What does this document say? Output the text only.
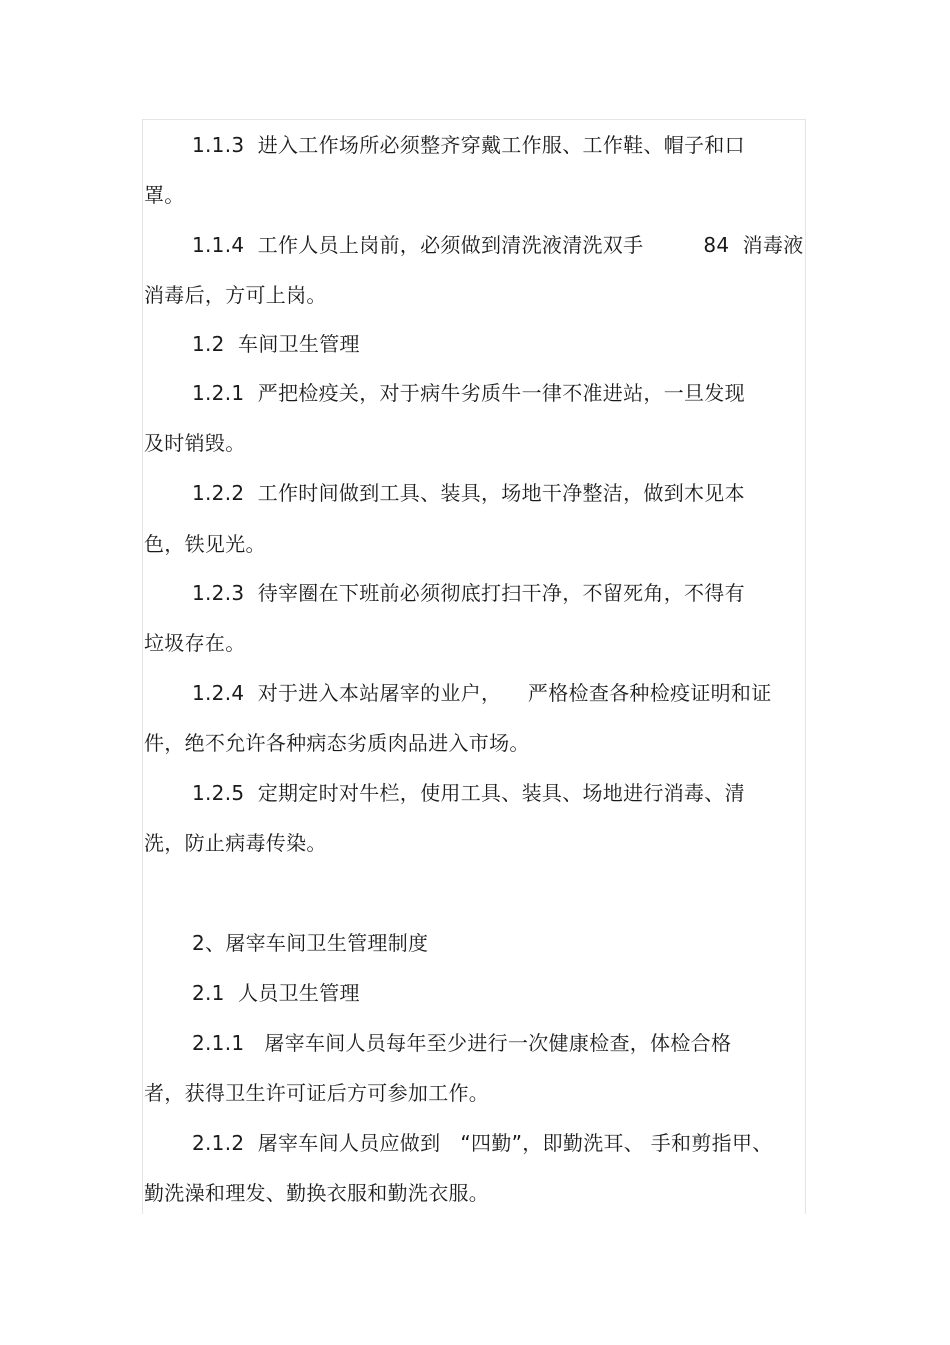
1.1.3  进入工作场所必须整齐穿戴工作服、工作鞋、帽子和口
罩。
1.1.4  工作人员上岗前，必须做到清洗液清洗双手         84  消毒液
消毒后，方可上岗。
1.2  车间卫生管理
1.2.1  严把检疫关，对于病牛劣质牛一律不准进站，一旦发现
及时销毁。
1.2.2  工作时间做到工具、装具，场地干净整洁，做到木见本
色，铁见光。
1.2.3  待宰圈在下班前必须彻底打扫干净，不留死角，不得有
垃圾存在。
1.2.4  对于进入本站屠宰的业户，    严格检查各种检疫证明和证
件，绝不允许各种病态劣质肉品进入市场。
1.2.5  定期定时对牛栏，使用工具、装具、场地进行消毒、清
洗，防止病毒传染。
2、屠宰车间卫生管理制度
2.1  人员卫生管理
2.1.1   屠宰车间人员每年至少进行一次健康检查，体检合格
者，获得卫生许可证后方可参加工作。
2.1.2  屠宰车间人员应做到   “四勤”，即勤洗耳、 手和剪指甲、
勤洗澡和理发、勤换衣服和勤洗衣服。
